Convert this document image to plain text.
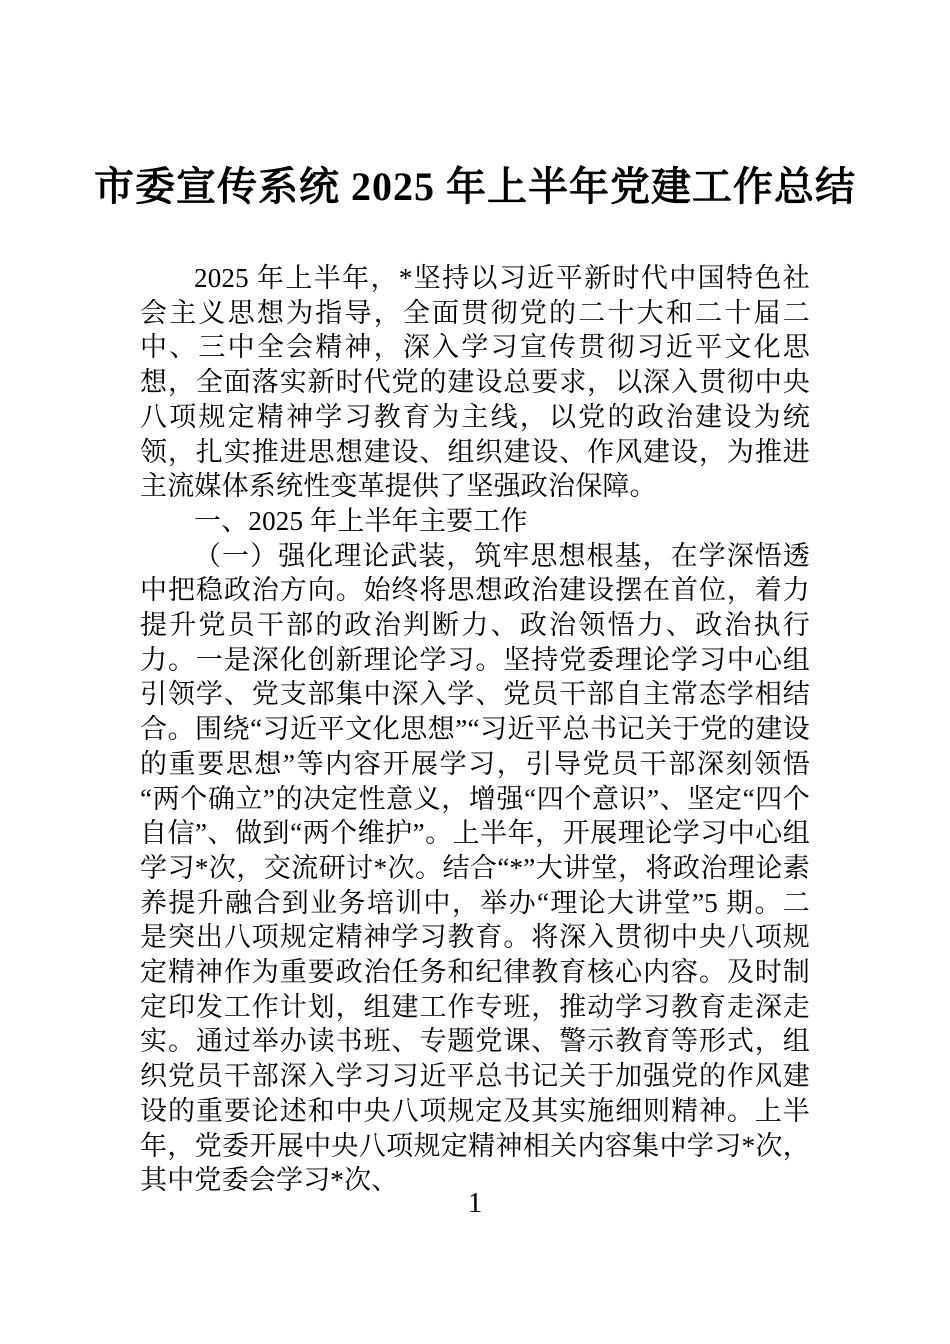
市委宣传系统 2025 年上半年党建工作总结

2025 年上半年，*坚持以习近平新时代中国特色社会主义思想为指导，全面贯彻党的二十大和二十届二中、三中全会精神，深入学习宣传贯彻习近平文化思想，全面落实新时代党的建设总要求，以深入贯彻中央八项规定精神学习教育为主线，以党的政治建设为统领，扎实推进思想建设、组织建设、作风建设，为推进主流媒体系统性变革提供了坚强政治保障。

一、2025 年上半年主要工作

（一）强化理论武装，筑牢思想根基，在学深悟透中把稳政治方向。始终将思想政治建设摆在首位，着力提升党员干部的政治判断力、政治领悟力、政治执行力。一是深化创新理论学习。坚持党委理论学习中心组引领学、党支部集中深入学、党员干部自主常态学相结合。围绕“习近平文化思想”“习近平总书记关于党的建设的重要思想”等内容开展学习，引导党员干部深刻领悟“两个确立”的决定性意义，增强“四个意识”、坚定“四个自信”、做到“两个维护”。上半年，开展理论学习中心组学习*次，交流研讨*次。结合“*”大讲堂，将政治理论素养提升融合到业务培训中，举办“理论大讲堂”5 期。二是突出八项规定精神学习教育。将深入贯彻中央八项规定精神作为重要政治任务和纪律教育核心内容。及时制定印发工作计划，组建工作专班，推动学习教育走深走实。通过举办读书班、专题党课、警示教育等形式，组织党员干部深入学习习近平总书记关于加强党的作风建设的重要论述和中央八项规定及其实施细则精神。上半年，党委开展中央八项规定精神相关内容集中学习*次，其中党委会学习*次、

1
